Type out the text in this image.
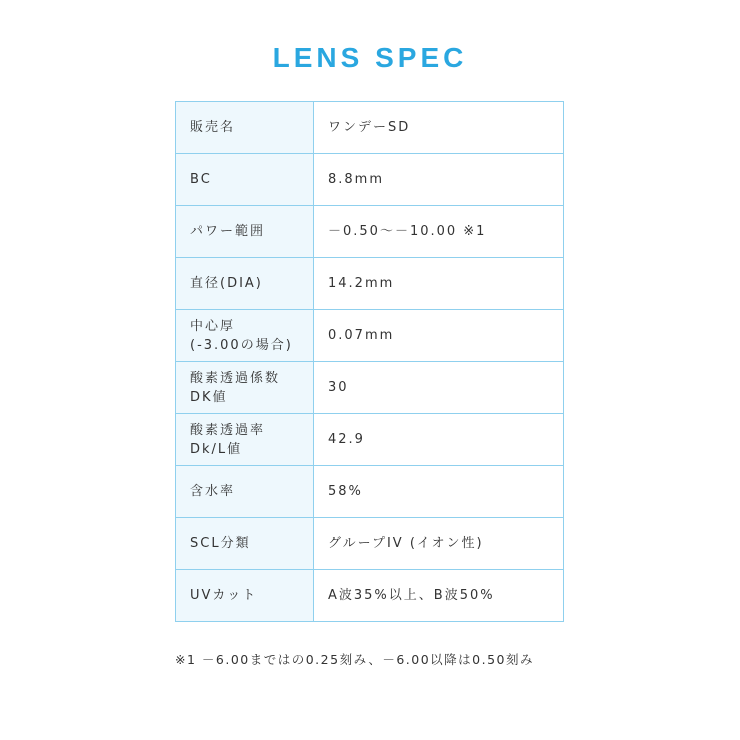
LENS SPEC
販売名	ワンデーSD
BC	8.8mm
パワー範囲	－0.50〜－10.00 ※1
直径(DIA)	14.2mm
中心厚
(-3.00の場合)	0.07mm
酸素透過係数
DK値	30
酸素透過率
Dk/L値	42.9
含水率	58%
SCL分類	グループIV (イオン性)
UVカット	A波35%以上、B波50%
※1 －6.00まではの0.25刻み、－6.00以降は0.50刻み
